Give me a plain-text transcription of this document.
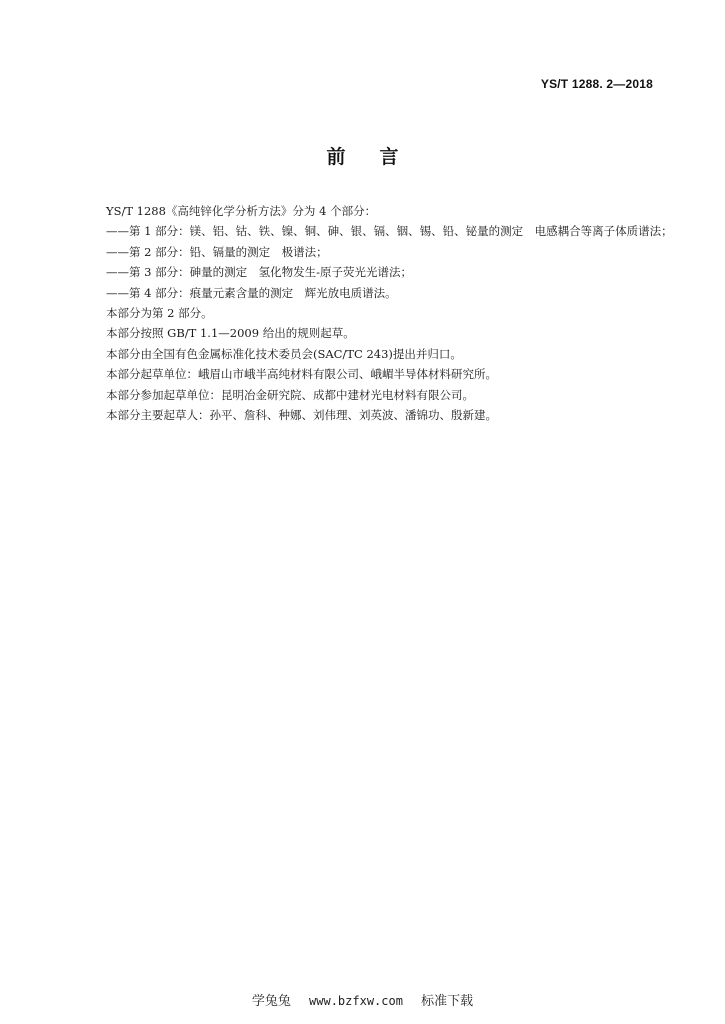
YS/T 1288. 2—2018
前言

YS/T 1288《高纯锌化学分析方法》分为 4 个部分：

——第 1 部分：镁、铝、钴、铁、镍、铜、砷、银、镉、铟、锡、铅、铋量的测定　电感耦合等离子体质谱法；

——第 2 部分：铅、镉量的测定　极谱法；

——第 3 部分：砷量的测定　氢化物发生-原子荧光光谱法；

——第 4 部分：痕量元素含量的测定　辉光放电质谱法。

本部分为第 2 部分。

本部分按照 GB/T 1.1—2009 给出的规则起草。

本部分由全国有色金属标准化技术委员会(SAC/TC 243)提出并归口。

本部分起草单位：峨眉山市峨半高纯材料有限公司、峨嵋半导体材料研究所。

本部分参加起草单位：昆明冶金研究院、成都中建材光电材料有限公司。

本部分主要起草人：孙平、詹科、种娜、刘伟理、刘英波、潘锦功、殷新建。

学兔兔 www.bzfxw.com 标准下载
